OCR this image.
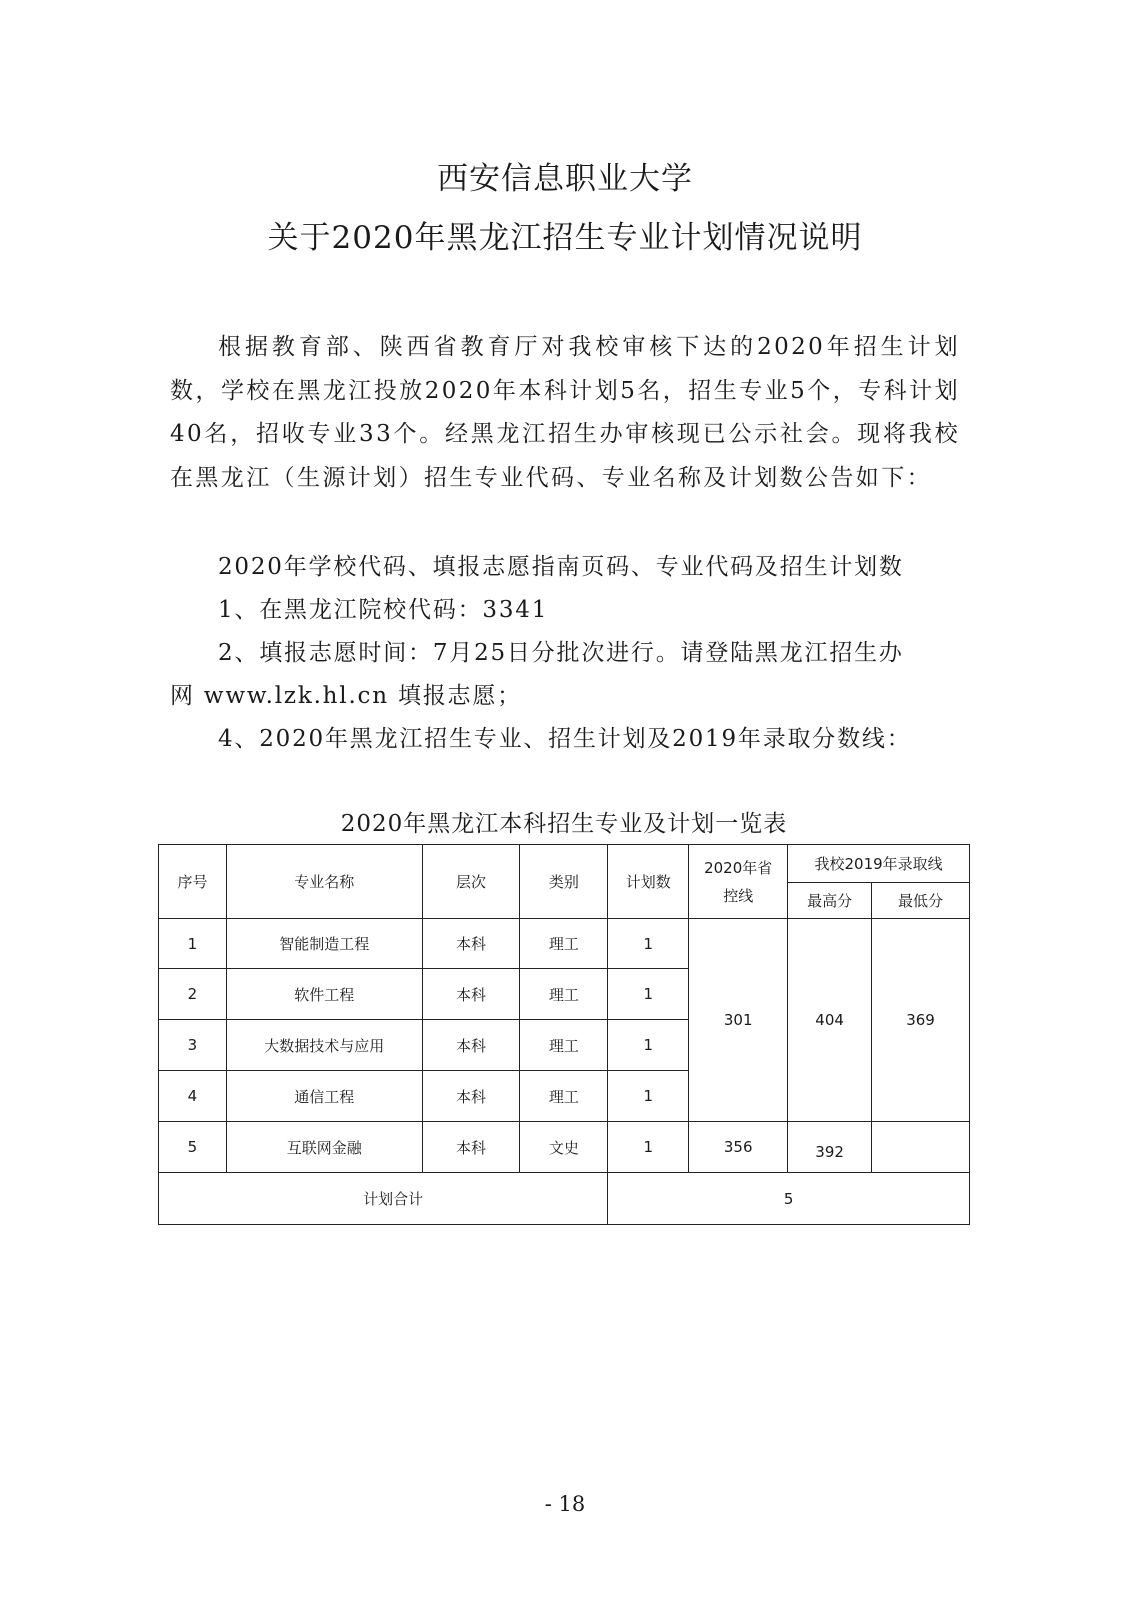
西安信息职业大学
关于2020年黑龙江招生专业计划情况说明

根据教育部、陕西省教育厅对我校审核下达的2020年招生计划数，学校在黑龙江投放2020年本科计划5名，招生专业5个，专科计划40名，招收专业33个。经黑龙江招生办审核现已公示社会。现将我校在黑龙江（生源计划）招生专业代码、专业名称及计划数公告如下：

2020年学校代码、填报志愿指南页码、专业代码及招生计划数
1、在黑龙江院校代码：3341
2、填报志愿时间：7月25日分批次进行。请登陆黑龙江招生办
网 www.lzk.hl.cn 填报志愿；
4、2020年黑龙江招生专业、招生计划及2019年录取分数线：
2020年黑龙江本科招生专业及计划一览表
序号	专业名称	层次	类别	计划数	2020年省控线	我校2019年录取线	
						最高分	最低分
1	智能制造工程	本科	理工	1	301	404	369
2	软件工程	本科	理工	1			
3	大数据技术与应用	本科	理工	1			
4	通信工程	本科	理工	1			
5	互联网金融	本科	文史	1	356	392	
计划合计				5			
- 18
